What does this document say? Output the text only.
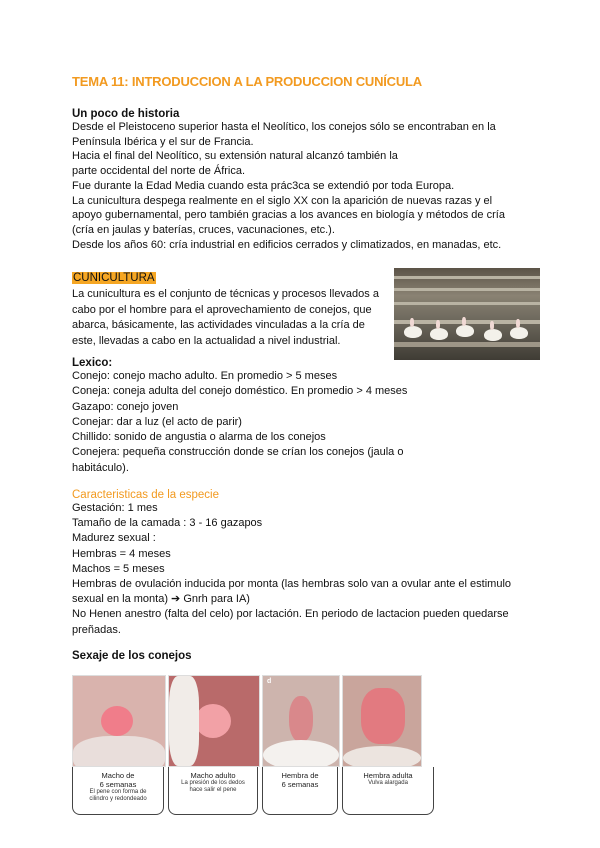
TEMA 11: INTRODUCCION A LA PRODUCCION CUNÍCULA
Un poco de historia

Desde el Pleistoceno superior hasta el Neolítico, los conejos sólo se encontraban en la

Península Ibérica y el sur de Francia.

Hacia el final del Neolítico, su extensión natural alcanzó también la

parte occidental del norte de África.

Fue durante la Edad Media cuando esta prác3ca se extendió por toda Europa.

La cunicultura despega realmente en el siglo XX con la aparición de nuevas razas y el

apoyo gubernamental, pero también gracias a los avances en biología y métodos de cría

(cría en jaulas y baterías, cruces, vacunaciones, etc.).

Desde los años 60: cría industrial en edificios cerrados y climatizados, en manadas, etc.

CUNICULTURA

La cunicultura es el conjunto de técnicas y procesos llevados a

cabo por el hombre para el aprovechamiento de conejos, que

abarca, básicamente, las actividades vinculadas a la cría de

este, llevadas a cabo en la actualidad a nivel industrial.

Lexico:

Conejo: conejo macho adulto. En promedio > 5 meses

Coneja: coneja adulta del conejo doméstico. En promedio > 4 meses

Gazapo: conejo joven

Conejar: dar a luz (el acto de parir)

Chillido: sonido de angustia o alarma de los conejos

Conejera: pequeña construcción donde se crían los conejos (jaula o

habitáculo).

Caracteristicas de la especie

Gestación: 1 mes

Tamaño de la camada : 3 - 16 gazapos

Madurez sexual :

Hembras = 4 meses

Machos = 5 meses

Hembras de ovulación inducida por monta (las hembras solo van a ovular ante el estimulo

sexual en la monta) ➔ Gnrh para IA)

No Henen anestro (falta del celo) por lactación. En periodo de lactacion pueden quedarse

preñadas.

Sexaje de los conejos
d
Macho de
6 semanas
El pene con forma de
cilindro y redondeado
Macho adulto
La presión de los dedos
hace salir el pene
Hembra de
6 semanas
Hembra adulta
Vulva alargada
